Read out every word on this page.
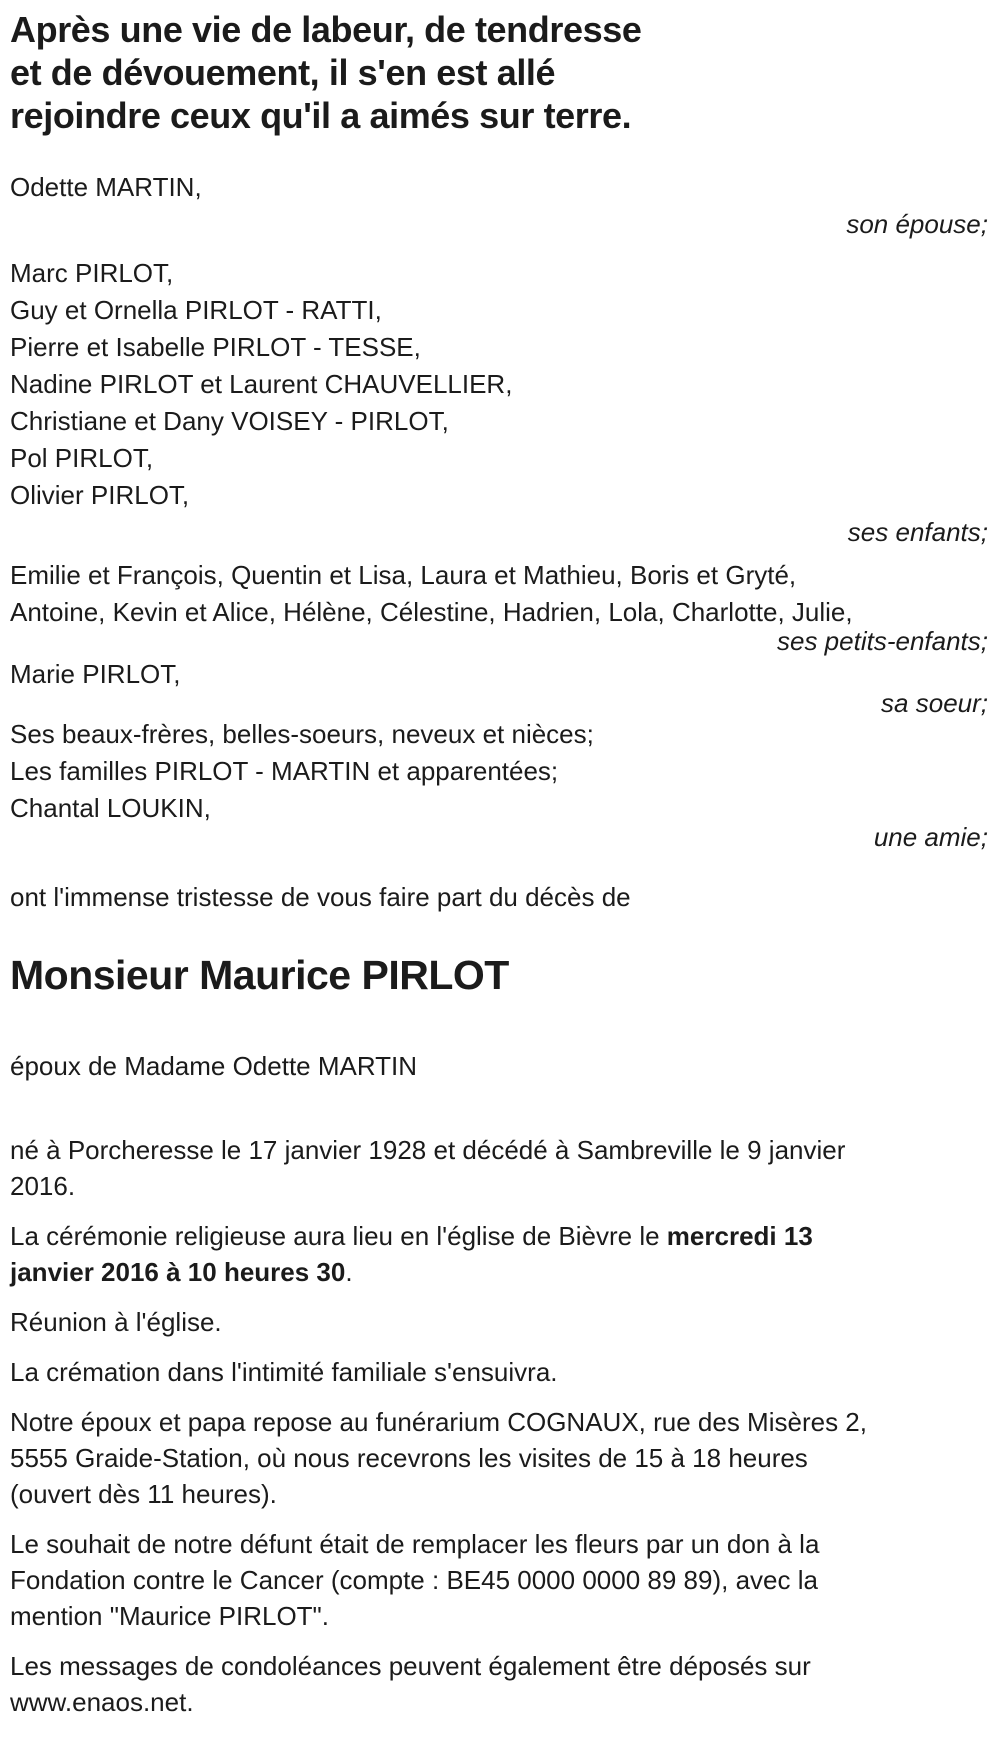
Après une vie de labeur, de tendresse
et de dévouement, il s'en est allé
rejoindre ceux qu'il a aimés sur terre.
Odette MARTIN,
son épouse;
Marc PIRLOT,
Guy et Ornella PIRLOT - RATTI,
Pierre et Isabelle PIRLOT - TESSE,
Nadine PIRLOT et Laurent CHAUVELLIER,
Christiane et Dany VOISEY - PIRLOT,
Pol PIRLOT,
Olivier PIRLOT,
ses enfants;
Emilie et François, Quentin et Lisa, Laura et Mathieu, Boris et Gryté,
Antoine, Kevin et Alice, Hélène, Célestine, Hadrien, Lola, Charlotte, Julie,
ses petits-enfants;
Marie PIRLOT,
sa soeur;
Ses beaux-frères, belles-soeurs, neveux et nièces;
Les familles PIRLOT - MARTIN et apparentées;
Chantal LOUKIN,
une amie;
ont l'immense tristesse de vous faire part du décès de
Monsieur Maurice PIRLOT
époux de Madame Odette MARTIN
né à Porcheresse le 17 janvier 1928 et décédé à Sambreville le 9 janvier
2016.
La cérémonie religieuse aura lieu en l'église de Bièvre le mercredi 13
janvier 2016 à 10 heures 30.
Réunion à l'église.
La crémation dans l'intimité familiale s'ensuivra.
Notre époux et papa repose au funérarium COGNAUX, rue des Misères 2,
5555 Graide-Station, où nous recevrons les visites de 15 à 18 heures
(ouvert dès 11 heures).
Le souhait de notre défunt était de remplacer les fleurs par un don à la
Fondation contre le Cancer (compte : BE45 0000 0000 89 89), avec la
mention "Maurice PIRLOT".
Les messages de condoléances peuvent également être déposés sur
www.enaos.net.
